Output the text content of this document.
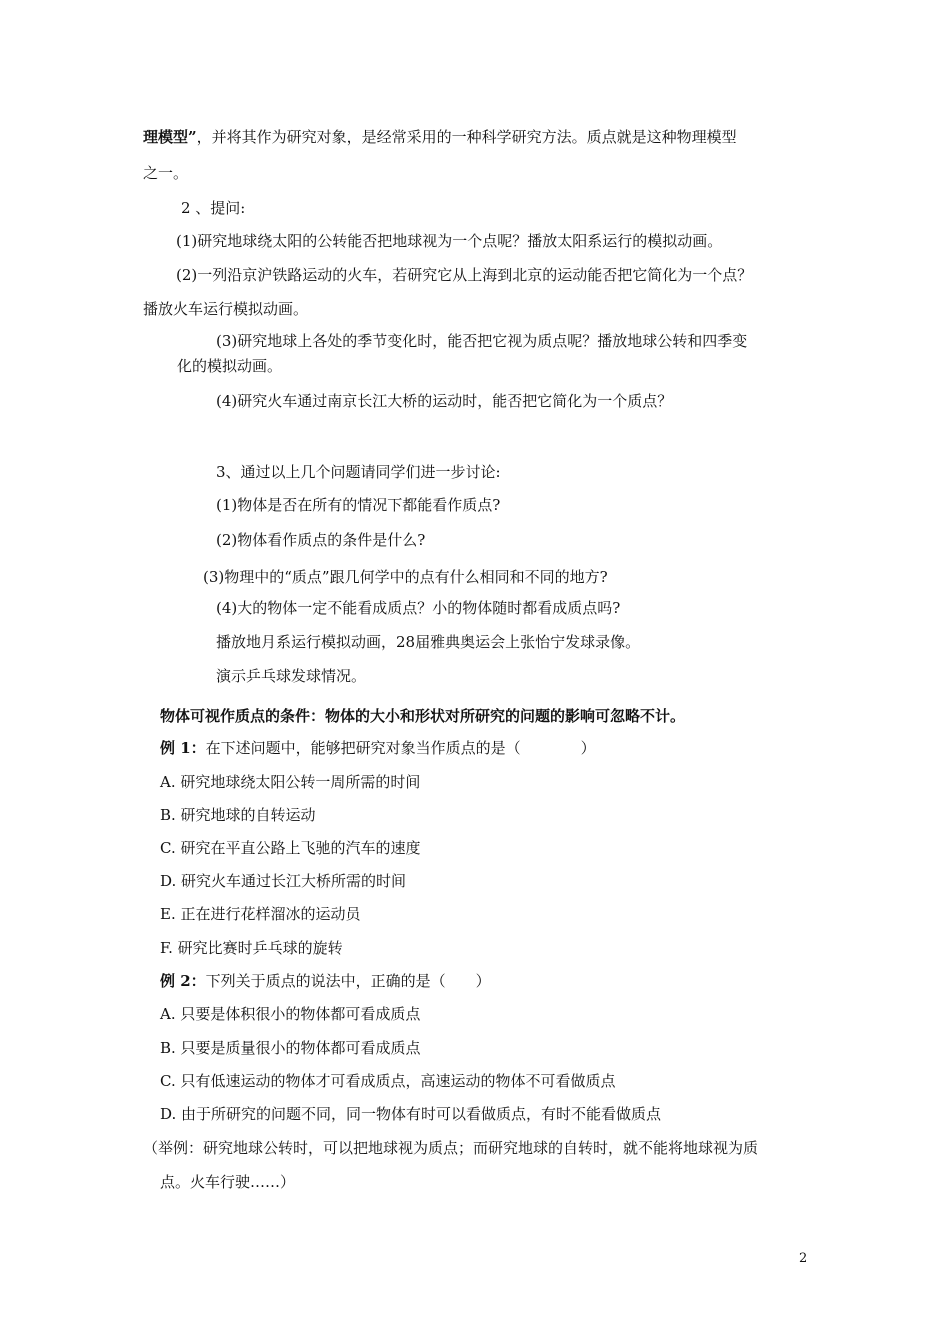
理模型”，并将其作为研究对象，是经常采用的一种科学研究方法。质点就是这种物理模型
之一。
2 、提问:
(1)研究地球绕太阳的公转能否把地球视为一个点呢？播放太阳系运行的模拟动画。
(2)一列沿京沪铁路运动的火车，若研究它从上海到北京的运动能否把它简化为一个点？
播放火车运行模拟动画。
(3)研究地球上各处的季节变化时，能否把它视为质点呢？播放地球公转和四季变
化的模拟动画。
(4)研究火车通过南京长江大桥的运动时，能否把它简化为一个质点？
3、通过以上几个问题请同学们进一步讨论:
(1)物体是否在所有的情况下都能看作质点?
(2)物体看作质点的条件是什么?
(3)物理中的“质点”跟几何学中的点有什么相同和不同的地方?
(4)大的物体一定不能看成质点？小的物体随时都看成质点吗?
播放地月系运行模拟动画，28届雅典奥运会上张怡宁发球录像。
演示乒乓球发球情况。
物体可视作质点的条件：物体的大小和形状对所研究的问题的影响可忽略不计。
例 1：在下述问题中，能够把研究对象当作质点的是（　　　　）
A. 研究地球绕太阳公转一周所需的时间
B. 研究地球的自转运动
C. 研究在平直公路上飞驰的汽车的速度
D. 研究火车通过长江大桥所需的时间
E. 正在进行花样溜冰的运动员
F. 研究比赛时乒乓球的旋转
例 2：下列关于质点的说法中，正确的是（　　）
A. 只要是体积很小的物体都可看成质点
B. 只要是质量很小的物体都可看成质点
C. 只有低速运动的物体才可看成质点，高速运动的物体不可看做质点
D. 由于所研究的问题不同，同一物体有时可以看做质点，有时不能看做质点
（举例：研究地球公转时，可以把地球视为质点；而研究地球的自转时，就不能将地球视为质
点。火车行驶……）
2
